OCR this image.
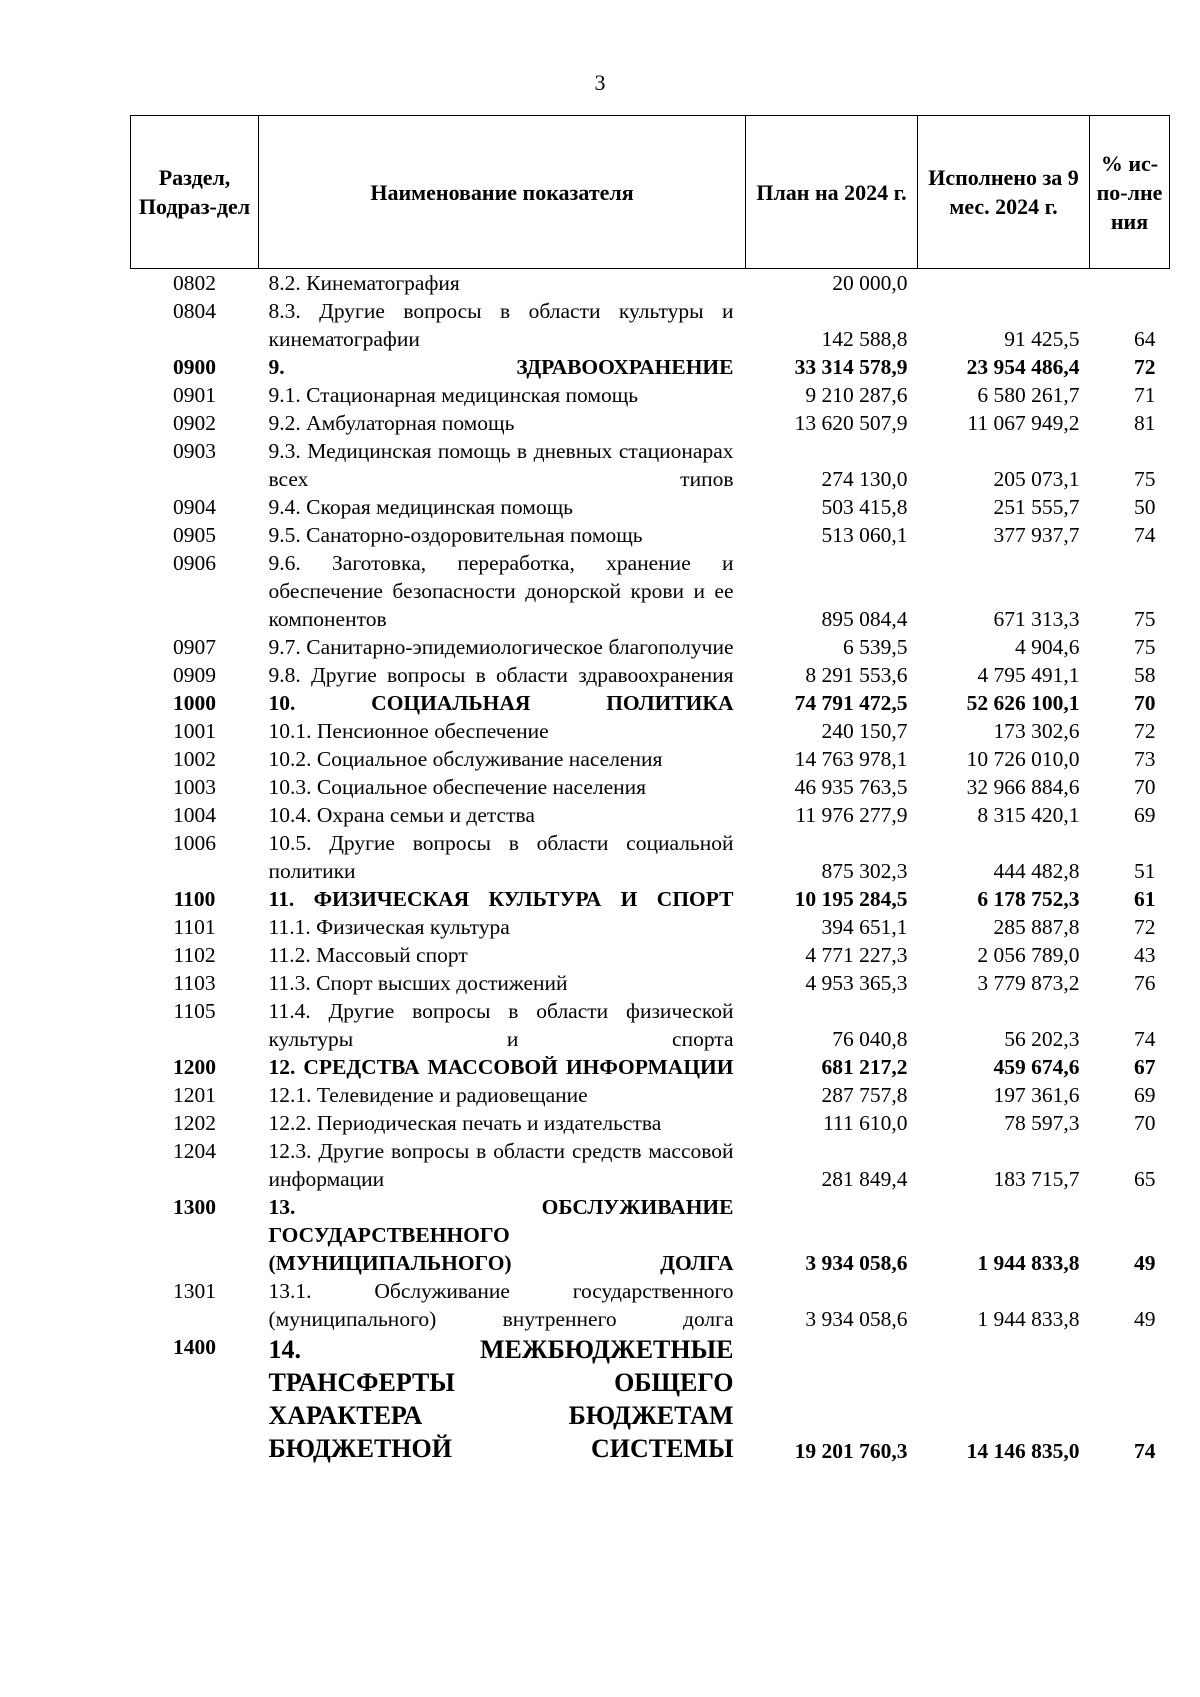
3
Раздел, Подраз-дел	Наименование показателя	План на 2024 г.	Исполнено за 9 мес. 2024 г.	% ис-по-лне ния
0802	8.2. Кинематография	20 000,0		
0804	8.3. Другие вопросы в области культуры и кинематографии	142 588,8	91 425,5	64
0900	9. ЗДРАВООХРАНЕНИЕ	33 314 578,9	23 954 486,4	72
0901	9.1. Стационарная медицинская помощь	9 210 287,6	6 580 261,7	71
0902	9.2. Амбулаторная помощь	13 620 507,9	11 067 949,2	81
0903	9.3. Медицинская помощь в дневных стационарах всех типов	274 130,0	205 073,1	75
0904	9.4. Скорая медицинская помощь	503 415,8	251 555,7	50
0905	9.5. Санаторно-оздоровительная помощь	513 060,1	377 937,7	74
0906	9.6. Заготовка, переработка, хранение и обеспечение безопасности донорской крови и ее компонентов	895 084,4	671 313,3	75
0907	9.7. Санитарно-эпидемиологическое благополучие	6 539,5	4 904,6	75
0909	9.8. Другие вопросы в области здравоохранения	8 291 553,6	4 795 491,1	58
1000	10. СОЦИАЛЬНАЯ ПОЛИТИКА	74 791 472,5	52 626 100,1	70
1001	10.1. Пенсионное обеспечение	240 150,7	173 302,6	72
1002	10.2. Социальное обслуживание населения	14 763 978,1	10 726 010,0	73
1003	10.3. Социальное обеспечение населения	46 935 763,5	32 966 884,6	70
1004	10.4. Охрана семьи и детства	11 976 277,9	8 315 420,1	69
1006	10.5. Другие вопросы в области социальной политики	875 302,3	444 482,8	51
1100	11. ФИЗИЧЕСКАЯ КУЛЬТУРА И СПОРТ	10 195 284,5	6 178 752,3	61
1101	11.1. Физическая культура	394 651,1	285 887,8	72
1102	11.2. Массовый спорт	4 771 227,3	2 056 789,0	43
1103	11.3. Спорт высших достижений	4 953 365,3	3 779 873,2	76
1105	11.4. Другие вопросы в области физической культуры и спорта	76 040,8	56 202,3	74
1200	12. СРЕДСТВА МАССОВОЙ ИНФОРМАЦИИ	681 217,2	459 674,6	67
1201	12.1. Телевидение и радиовещание	287 757,8	197 361,6	69
1202	12.2. Периодическая печать и издательства	111 610,0	78 597,3	70
1204	12.3. Другие вопросы в области средств массовой информации	281 849,4	183 715,7	65
1300	13. ОБСЛУЖИВАНИЕ ГОСУДАРСТВЕННОГО (МУНИЦИПАЛЬНОГО) ДОЛГА	3 934 058,6	1 944 833,8	49
1301	13.1. Обслуживание государственного (муниципального) внутреннего долга	3 934 058,6	1 944 833,8	49
1400	14. МЕЖБЮДЖЕТНЫЕ ТРАНСФЕРТЫ ОБЩЕГО ХАРАКТЕРА БЮДЖЕТАМ БЮДЖЕТНОЙ СИСТЕМЫ	19 201 760,3	14 146 835,0	74
